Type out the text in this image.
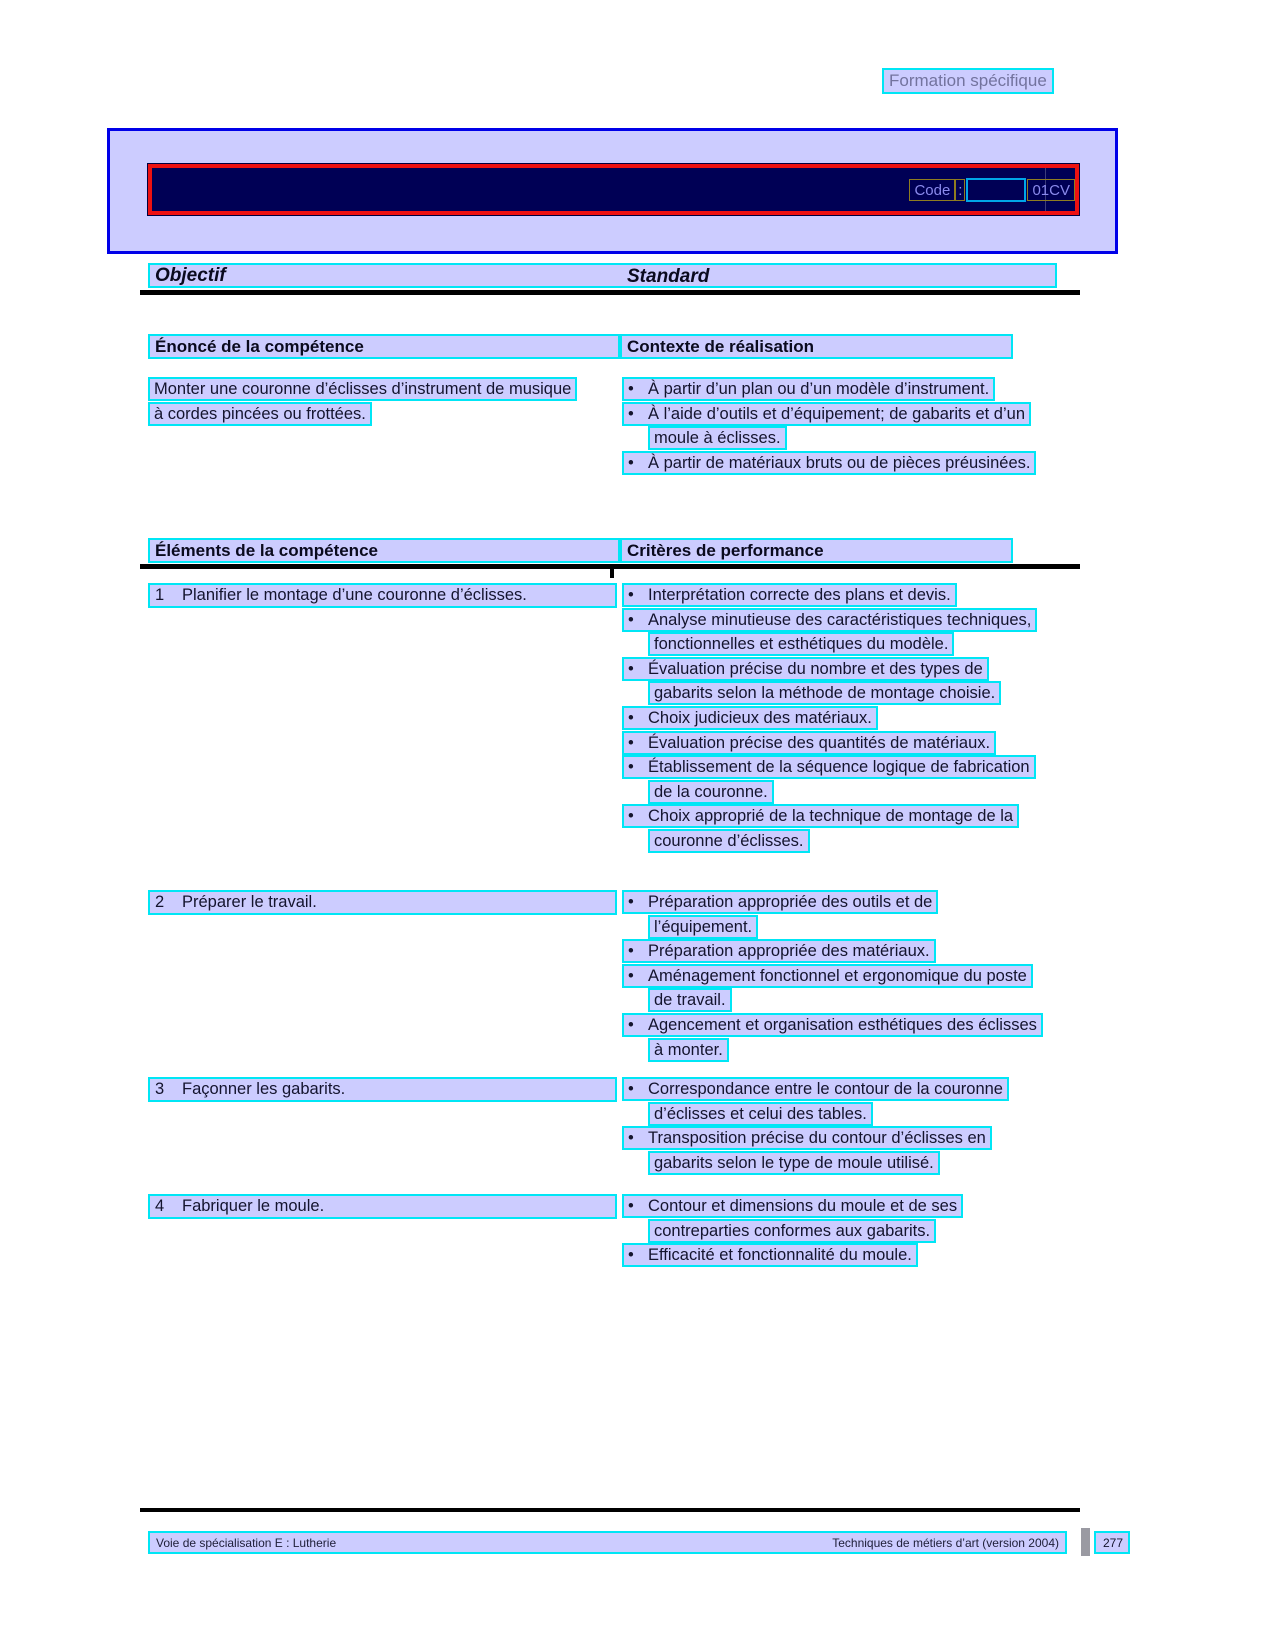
Formation spécifique
Code :	01CV
Objectif	Standard
Énoncé de la compétence	Contexte de réalisation
Monter une couronne d’éclisses d’instrument de musique à cordes pincées ou frottées.
• À partir d’un plan ou d’un modèle d’instrument.
• À l’aide d’outils et d’équipement; de gabarits et d’un moule à éclisses.
• À partir de matériaux bruts ou de pièces préusinées.
Éléments de la compétence	Critères de performance
1	Planifier le montage d’une couronne d’éclisses.	• Interprétation correcte des plans et devis.
• Analyse minutieuse des caractéristiques techniques, fonctionnelles et esthétiques du modèle.
• Évaluation précise du nombre et des types de gabarits selon la méthode de montage choisie.
• Choix judicieux des matériaux.
• Évaluation précise des quantités de matériaux.
• Établissement de la séquence logique de fabrication de la couronne.
• Choix approprié de la technique de montage de la couronne d’éclisses.
2	Préparer le travail.	• Préparation appropriée des outils et de l’équipement.
• Préparation appropriée des matériaux.
• Aménagement fonctionnel et ergonomique du poste de travail.
• Agencement et organisation esthétiques des éclisses à monter.
3	Façonner les gabarits.	• Correspondance entre le contour de la couronne d’éclisses et celui des tables.
• Transposition précise du contour d’éclisses en gabarits selon le type de moule utilisé.
4	Fabriquer le moule.	• Contour et dimensions du moule et de ses contreparties conformes aux gabarits.
• Efficacité et fonctionnalité du moule.
Voie de spécialisation E : Lutherie	Techniques de métiers d’art (version 2004)	277
